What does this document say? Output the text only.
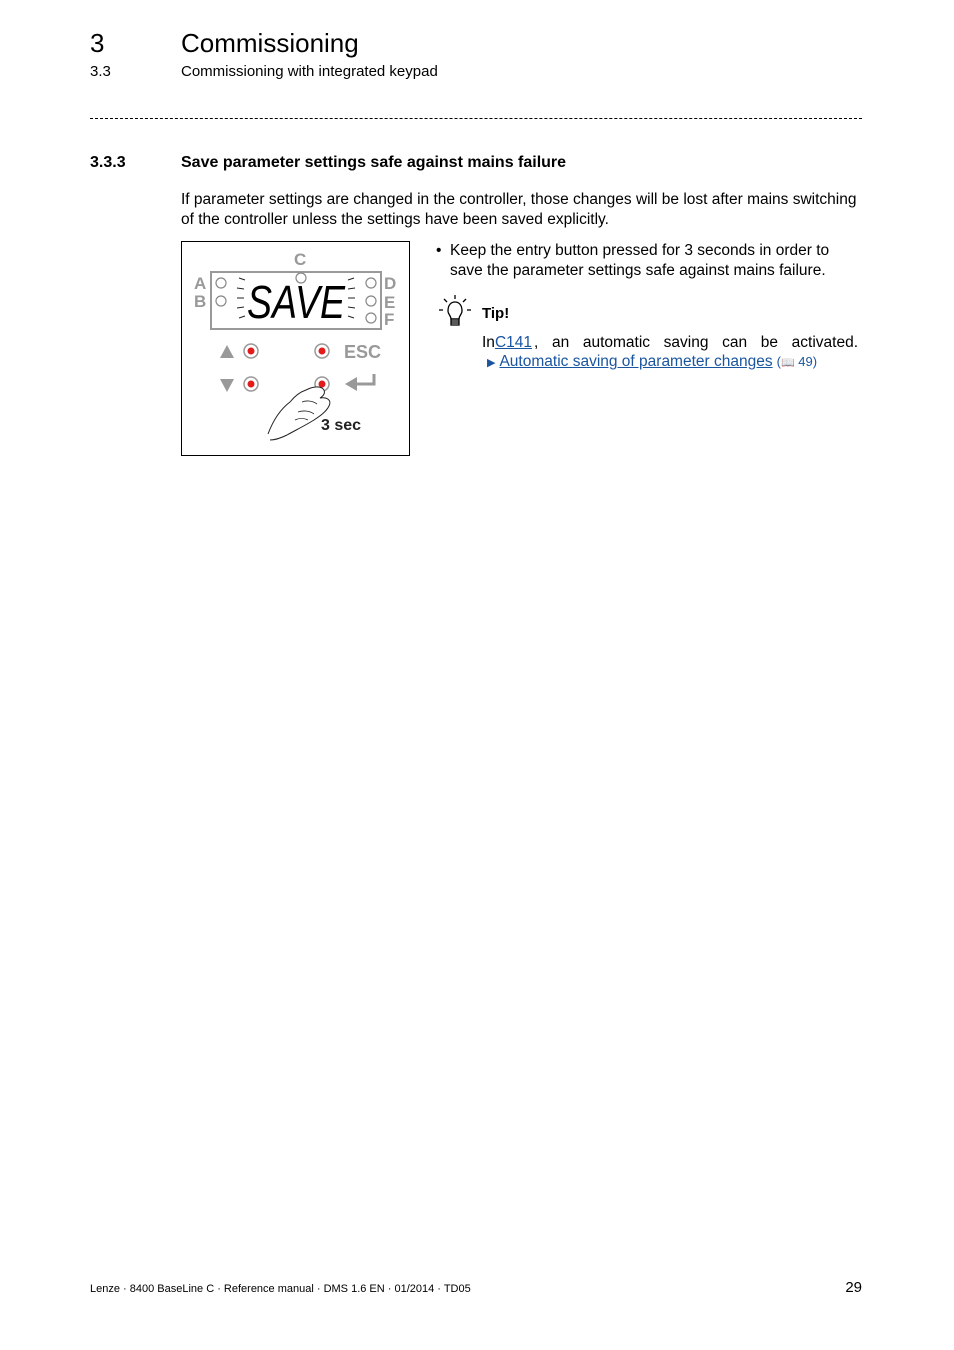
3	Commissioning
3.3	Commissioning with integrated keypad
3.3.3	Save parameter settings safe against mains failure

If parameter settings are changed in the controller, those changes will be lost after mains switching of the controller unless the settings have been saved explicitly.

A
B
C
D
E
F
SAVE
ESC
3 sec
• Keep the entry button pressed for 3 seconds in order to save the parameter settings safe against mains failure.
Tip!
In C141 , an automatic saving can be activated.
▶ Automatic saving of parameter changes (📖 49)
Lenze · 8400 BaseLine C · Reference manual · DMS 1.6 EN · 01/2014 · TD05	29
